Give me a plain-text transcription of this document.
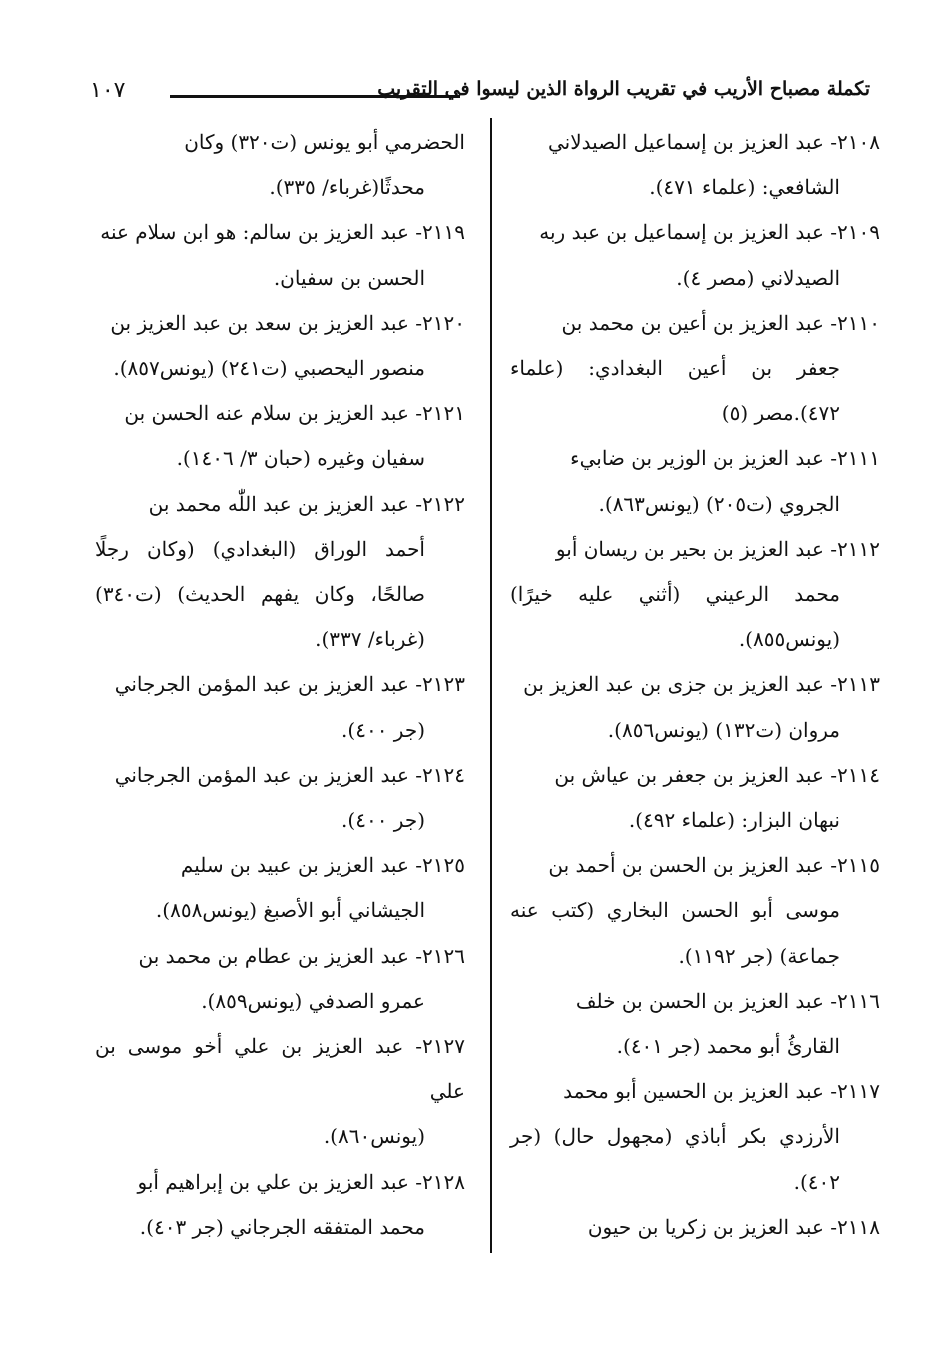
تكملة مصباح الأريب في تقريب الرواة الذين ليسوا في التقريب
١٠٧
٢١٠٨- عبد العزيز بن إسماعيل الصيدلاني
الشافعي: (علماء ٤٧١).
٢١٠٩- عبد العزيز بن إسماعيل بن عبد ربه
الصيدلاني (مصر ٤).
٢١١٠- عبد العزيز بن أعين بن محمد بن
جعفر بن أعين البغدادي: (علماء ٤٧٢).مصر (٥)
٢١١١- عبد العزيز بن الوزير بن ضابيء
الجروي (ت٢٠٥) (يونس٨٦٣).
٢١١٢- عبد العزيز بن بحير بن ريسان أبو
محمد الرعيني (أثني عليه خيرًا) (يونس٨٥٥).
٢١١٣- عبد العزيز بن جزى بن عبد العزيز بن
مروان (ت١٣٢) (يونس٨٥٦).
٢١١٤- عبد العزيز بن جعفر بن عياش بن
نبهان البزار: (علماء ٤٩٢).
٢١١٥- عبد العزيز بن الحسن بن أحمد بن
موسى أبو الحسن البخاري (كتب عنه جماعة) (جر ١١٩٢).
٢١١٦- عبد العزيز بن الحسن بن خلف
القارئُ أبو محمد (جر ٤٠١).
٢١١٧- عبد العزيز بن الحسين أبو محمد
الأرزدي بكر أباذي (مجهول حال) (جر ٤٠٢).
٢١١٨- عبد العزيز بن زكريا بن حيون
الحضرمي أبو يونس (ت٣٢٠) وكان
محدثًا(غرباء/ ٣٣٥).
٢١١٩- عبد العزيز بن سالم: هو ابن سلام عنه
الحسن بن سفيان.
٢١٢٠- عبد العزيز بن سعد بن عبد العزيز بن
منصور اليحصبي (ت٢٤١) (يونس٨٥٧).
٢١٢١- عبد العزيز بن سلام عنه الحسن بن
سفيان وغيره (حبان ٣/ ١٤٠٦).
٢١٢٢- عبد العزيز بن عبد اللّٰه محمد بن
أحمد الوراق (البغدادي) (وكان رجلًا صالحًا، وكان يفهم الحديث) (ت٣٤٠) (غرباء/ ٣٣٧).
٢١٢٣- عبد العزيز بن عبد المؤمن الجرجاني
(جر ٤٠٠).
٢١٢٤- عبد العزيز بن عبد المؤمن الجرجاني
(جر ٤٠٠).
٢١٢٥- عبد العزيز بن عبيد بن سليم
الجيشاني أبو الأصبغ (يونس٨٥٨).
٢١٢٦- عبد العزيز بن عطام بن محمد بن
عمرو الصدفي (يونس٨٥٩).
٢١٢٧- عبد العزيز بن علي أخو موسى بن علي
(يونس٨٦٠).
٢١٢٨- عبد العزيز بن علي بن إبراهيم أبو
محمد المتفقه الجرجاني (جر ٤٠٣).
